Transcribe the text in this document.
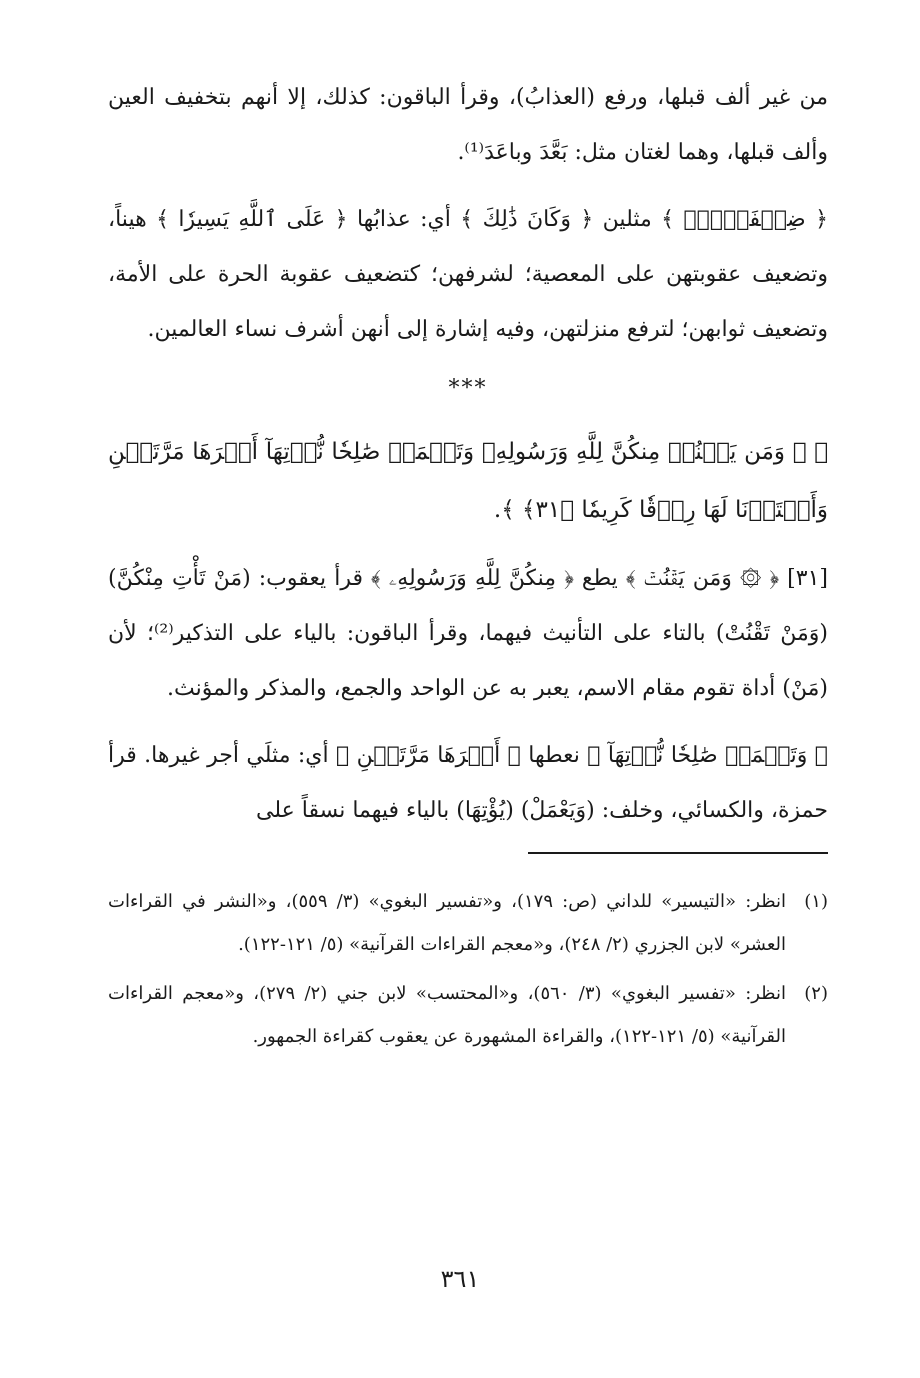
من غير ألف قبلها، ورفع (العذابُ)، وقرأ الباقون: كذلك، إلا أنهم بتخفيف العين وألف قبلها، وهما لغتان مثل: بَعَّدَ وباعَدَ⁽¹⁾.

﴿ ضِعۡفَيۡنِۚ ﴾ مثلين ﴿ وَكَانَ ذَٰلِكَ ﴾ أي: عذابُها ﴿ عَلَى ٱللَّهِ يَسِيرٗا ﴾ هيناً، وتضعيف عقوبتهن على المعصية؛ لشرفهن؛ كتضعيف عقوبة الحرة على الأمة، وتضعيف ثوابهن؛ لترفع منزلتهن، وفيه إشارة إلى أنهن أشرف نساء العالمين.

***

﴿ ۞ وَمَن يَقۡنُتۡ مِنكُنَّ لِلَّهِ وَرَسُولِهِۦ وَتَعۡمَلۡ صَٰلِحٗا نُّؤۡتِهَآ أَجۡرَهَا مَرَّتَيۡنِ وَأَعۡتَدۡنَا لَهَا رِزۡقٗا كَرِيمٗا ﴿٣١﴾ ﴾.

[٣١] ﴿ ۞ وَمَن يَقۡنُتۡ ﴾ يطع ﴿ مِنكُنَّ لِلَّهِ وَرَسُولِهِۦ ﴾ قرأ يعقوب: (مَنْ تَأْتِ مِنْكُنَّ) (وَمَنْ تَقْنُتْ) بالتاء على التأنيث فيهما، وقرأ الباقون: بالياء على التذكير⁽²⁾؛ لأن (مَنْ) أداة تقوم مقام الاسم، يعبر به عن الواحد والجمع، والمذكر والمؤنث.

﴿ وَتَعۡمَلۡ صَٰلِحٗا نُّؤۡتِهَآ ﴾ نعطها ﴿ أَجۡرَهَا مَرَّتَيۡنِ ﴾ أي: مثلَي أجر غيرها. قرأ حمزة، والكسائي، وخلف: (وَيَعْمَلْ) (يُؤْتِهَا) بالياء فيهما نسقاً على

(١)
انظر: «التيسير» للداني (ص: ١٧٩)، و«تفسير البغوي» (٣/ ٥٥٩)، و«النشر في القراءات العشر» لابن الجزري (٢/ ٢٤٨)، و«معجم القراءات القرآنية» (٥/ ١٢١-١٢٢).
(٢)
انظر: «تفسير البغوي» (٣/ ٥٦٠)، و«المحتسب» لابن جني (٢/ ٢٧٩)، و«معجم القراءات القرآنية» (٥/ ١٢١-١٢٢)، والقراءة المشهورة عن يعقوب كقراءة الجمهور.
٣٦١
